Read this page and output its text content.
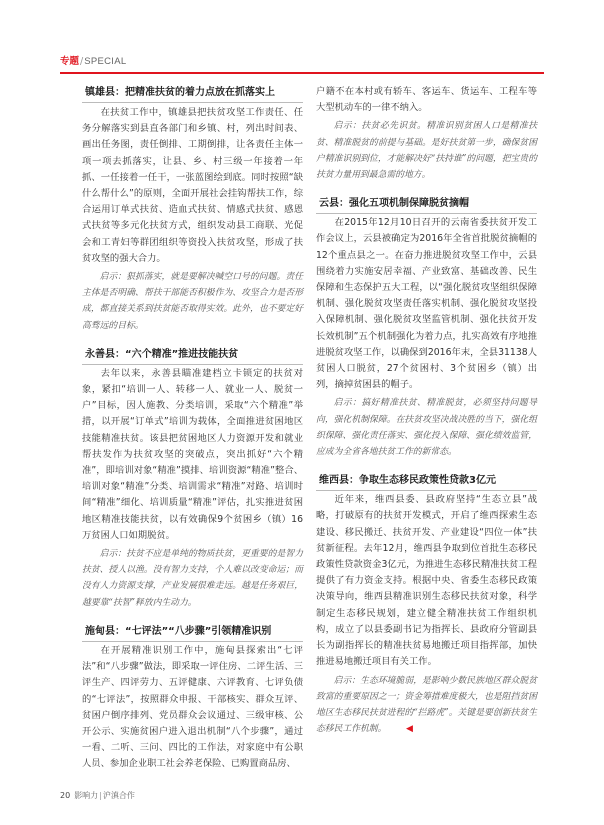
专题/SPECIAL
镇雄县：把精准扶贫的着力点放在抓落实上

在扶贫工作中，镇雄县把扶贫攻坚工作责任、任务分解落实到县直各部门和乡镇、村，列出时间表、画出任务图，责任倒排、工期倒排，让各责任主体一项一项去抓落实，让县、乡、村三级一年接着一年抓、一任接着一任干，一张蓝图绘到底。同时按照“缺什么帮什么”的原则，全面开展社会挂钩帮扶工作，综合运用订单式扶贫、造血式扶贫、情感式扶贫、感恩式扶贫等多元化扶贫方式，组织发动县工商联、光促会和工青妇等群团组织等资投入扶贫攻坚，形成了扶贫攻坚的强大合力。

启示：狠抓落实，就是要解决喊空口号的问题。责任主体是否明确、帮扶干部能否积极作为、攻坚合力是否形成，都直接关系到扶贫能否取得实效。此外，也不要定好高骛远的目标。

永善县：“六个精准”推进技能扶贫

去年以来，永善县瞄准建档立卡锁定的扶贫对象，紧扣“培训一人、转移一人、就业一人、脱贫一户”目标，因人施教、分类培训，采取“六个精准”举措，以开展“订单式”培训为载体，全面推进贫困地区技能精准扶贫。该县把贫困地区人力资源开发和就业帮扶发作为扶贫攻坚的突破点，突出抓好“六个精准”，即培训对象“精准”摸排、培训资源“精准”整合、培训对象“精准”分类、培训需求“精准”对路、培训时间“精准”细化、培训质量“精准”评估，扎实推进贫困地区精准技能扶贫，以有效确保9个贫困乡（镇）16万贫困人口如期脱贫。

启示：扶贫不应是单纯的物质扶贫，更重要的是智力扶贫、授人以渔。没有智力支持，个人难以改变命运；而没有人力资源支撑，产业发展很难走远。越是任务艰巨，越要靠“扶智”释放内生动力。

施甸县：“七评法”“八步骤”引领精准识别

在开展精准识别工作中，施甸县探索出“七评法”和“八步骤”做法，即采取一评住房、二评生活、三评生产、四评劳力、五评健康、六评教育、七评负债的“七评法”，按照群众申报、干部核实、群众互评、贫困户倒序排列、党员群众会议通过、三级审核、公开公示、实施贫困户进入退出机制“八个步骤”，通过一看、二听、三问、四比的工作法，对家庭中有公职人员、参加企业职工社会养老保险、已购置商品房、

户籍不在本村或有轿车、客运车、货运车、工程车等大型机动车的一律不纳入。

启示：扶贫必先识贫。精准识别贫困人口是精准扶贫、精准脱贫的前提与基础。是好扶贫第一步，确保贫困户精准识别到位，才能解决好“扶持谁”的问题，把宝贵的扶贫力量用到最急需的地方。

云县：强化五项机制保障脱贫摘帽

在2015年12月10日召开的云南省委扶贫开发工作会议上，云县被确定为2016年全省首批脱贫摘帽的12个重点县之一。在奋力推进脱贫攻坚工作中，云县围绕着力实施安居幸福、产业致富、基础改善、民生保障和生态保护五大工程，以“强化脱贫攻坚组织保障机制、强化脱贫攻坚责任落实机制、强化脱贫攻坚投入保障机制、强化脱贫攻坚监管机制、强化扶贫开发长效机制”五个机制强化为着力点，扎实高效有序地推进脱贫攻坚工作，以确保到2016年末，全县31138人贫困人口脱贫，27个贫困村、3个贫困乡（镇）出列，摘掉贫困县的帽子。

启示：搞好精准扶贫、精准脱贫，必须坚持问题导向，强化机制保障。在扶贫攻坚决战决胜的当下，强化组织保障、强化责任落实、强化投入保障、强化绩效监管，应成为全省各地扶贫工作的新常态。

维西县：争取生态移民政策性贷款3亿元

近年来，维西县委、县政府坚持“生态立县”战略，打破原有的扶贫开发模式，开启了维西探索生态建设、移民搬迁、扶贫开发、产业建设“四位一体”扶贫新征程。去年12月，维西县争取到位首批生态移民政策性贷款资金3亿元，为推进生态移民精准扶贫工程提供了有力资金支持。根据中央、省委生态移民政策决策导向，维西县精准识别生态移民扶贫对象，科学制定生态移民规划，建立健全精准扶贫工作组织机构，成立了以县委副书记为指挥长、县政府分管副县长为副指挥长的精准扶贫易地搬迁项目指挥部，加快推进易地搬迁项目有关工作。

启示：生态环境脆弱，是影响少数民族地区群众脱贫致富的重要原因之一；资金筹措难度极大，也是阻挡贫困地区生态移民扶贫进程的“拦路虎”。关键是要创新扶贫生态移民工作机制。 ◀

20 影响力|沪滇合作
